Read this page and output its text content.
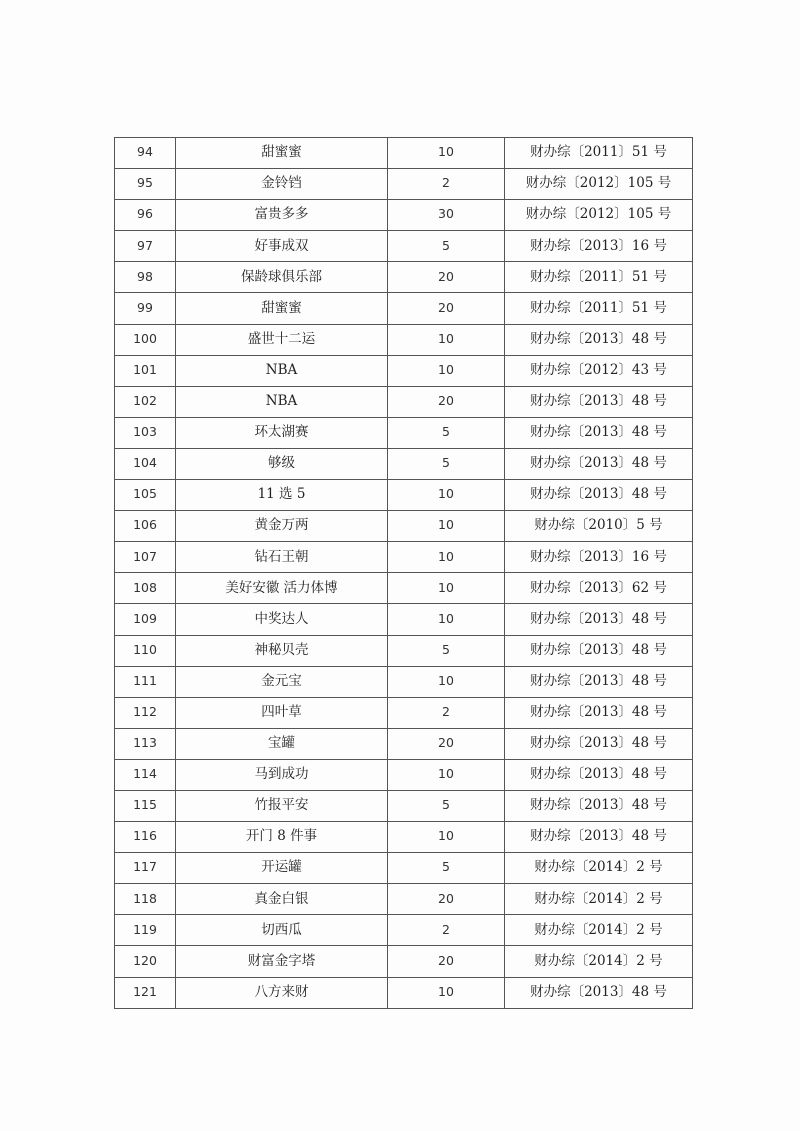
94	甜蜜蜜	10	财办综〔2011〕51 号
95	金铃铛	2	财办综〔2012〕105 号
96	富贵多多	30	财办综〔2012〕105 号
97	好事成双	5	财办综〔2013〕16 号
98	保龄球俱乐部	20	财办综〔2011〕51 号
99	甜蜜蜜	20	财办综〔2011〕51 号
100	盛世十二运	10	财办综〔2013〕48 号
101	NBA	10	财办综〔2012〕43 号
102	NBA	20	财办综〔2013〕48 号
103	环太湖赛	5	财办综〔2013〕48 号
104	够级	5	财办综〔2013〕48 号
105	11 选 5	10	财办综〔2013〕48 号
106	黄金万两	10	财办综〔2010〕5 号
107	钻石王朝	10	财办综〔2013〕16 号
108	美好安徽 活力体博	10	财办综〔2013〕62 号
109	中奖达人	10	财办综〔2013〕48 号
110	神秘贝壳	5	财办综〔2013〕48 号
111	金元宝	10	财办综〔2013〕48 号
112	四叶草	2	财办综〔2013〕48 号
113	宝罐	20	财办综〔2013〕48 号
114	马到成功	10	财办综〔2013〕48 号
115	竹报平安	5	财办综〔2013〕48 号
116	开门 8 件事	10	财办综〔2013〕48 号
117	开运罐	5	财办综〔2014〕2 号
118	真金白银	20	财办综〔2014〕2 号
119	切西瓜	2	财办综〔2014〕2 号
120	财富金字塔	20	财办综〔2014〕2 号
121	八方来财	10	财办综〔2013〕48 号
